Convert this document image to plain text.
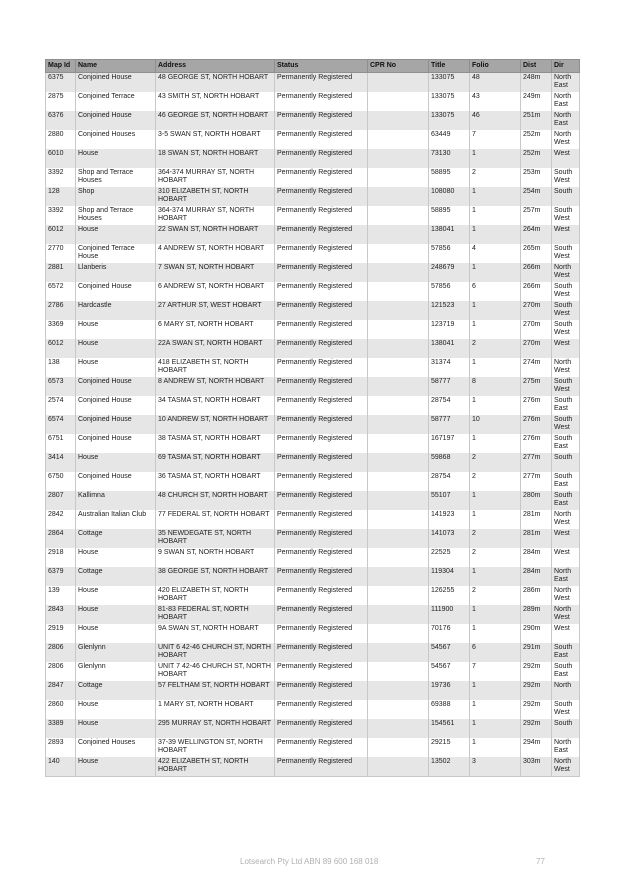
Map Id	Name	Address	Status	CPR No	Title	Folio	Dist	Dir
6375	Conjoined House	48 GEORGE ST, NORTH HOBART	Permanently Registered		133075	48	248m	North East
2875	Conjoined Terrace	43 SMITH ST, NORTH HOBART	Permanently Registered		133075	43	249m	North East
6376	Conjoined House	46 GEORGE ST, NORTH HOBART	Permanently Registered		133075	46	251m	North East
2880	Conjoined Houses	3-5 SWAN ST, NORTH HOBART	Permanently Registered		63449	7	252m	North West
6010	House	18 SWAN ST, NORTH HOBART	Permanently Registered		73130	1	252m	West
3392	Shop and Terrace Houses	364-374 MURRAY ST, NORTH HOBART	Permanently Registered		58895	2	253m	South West
128	Shop	310 ELIZABETH ST, NORTH HOBART	Permanently Registered		108080	1	254m	South
3392	Shop and Terrace Houses	364-374 MURRAY ST, NORTH HOBART	Permanently Registered		58895	1	257m	South West
6012	House	22 SWAN ST, NORTH HOBART	Permanently Registered		138041	1	264m	West
2770	Conjoined Terrace House	4 ANDREW ST, NORTH HOBART	Permanently Registered		57856	4	265m	South West
2881	Llanberis	7 SWAN ST, NORTH HOBART	Permanently Registered		248679	1	266m	North West
6572	Conjoined House	6 ANDREW ST, NORTH HOBART	Permanently Registered		57856	6	266m	South West
2786	Hardcastle	27 ARTHUR ST, WEST HOBART	Permanently Registered		121523	1	270m	South West
3369	House	6 MARY ST, NORTH HOBART	Permanently Registered		123719	1	270m	South West
6012	House	22A SWAN ST, NORTH HOBART	Permanently Registered		138041	2	270m	West
138	House	418 ELIZABETH ST, NORTH HOBART	Permanently Registered		31374	1	274m	North West
6573	Conjoined House	8 ANDREW ST, NORTH HOBART	Permanently Registered		58777	8	275m	South West
2574	Conjoined House	34 TASMA ST, NORTH HOBART	Permanently Registered		28754	1	276m	South East
6574	Conjoined House	10 ANDREW ST, NORTH HOBART	Permanently Registered		58777	10	276m	South West
6751	Conjoined House	38 TASMA ST, NORTH HOBART	Permanently Registered		167197	1	276m	South East
3414	House	69 TASMA ST, NORTH HOBART	Permanently Registered		59868	2	277m	South
6750	Conjoined House	36 TASMA ST, NORTH HOBART	Permanently Registered		28754	2	277m	South East
2807	Kallimna	48 CHURCH ST, NORTH HOBART	Permanently Registered		55107	1	280m	South East
2842	Australian Italian Club	77 FEDERAL ST, NORTH HOBART	Permanently Registered		141923	1	281m	North West
2864	Cottage	35 NEWDEGATE ST, NORTH HOBART	Permanently Registered		141073	2	281m	West
2918	House	9 SWAN ST, NORTH HOBART	Permanently Registered		22525	2	284m	West
6379	Cottage	38 GEORGE ST, NORTH HOBART	Permanently Registered		119304	1	284m	North East
139	House	420 ELIZABETH ST, NORTH HOBART	Permanently Registered		126255	2	286m	North West
2843	House	81-83 FEDERAL ST, NORTH HOBART	Permanently Registered		111900	1	289m	North West
2919	House	9A SWAN ST, NORTH HOBART	Permanently Registered		70176	1	290m	West
2806	Glenlynn	UNIT 6 42-46 CHURCH ST, NORTH HOBART	Permanently Registered		54567	6	291m	South East
2806	Glenlynn	UNIT 7 42-46 CHURCH ST, NORTH HOBART	Permanently Registered		54567	7	292m	South East
2847	Cottage	57 FELTHAM ST, NORTH HOBART	Permanently Registered		19736	1	292m	North
2860	House	1 MARY ST, NORTH HOBART	Permanently Registered		69388	1	292m	South West
3389	House	295 MURRAY ST, NORTH HOBART	Permanently Registered		154561	1	292m	South
2893	Conjoined Houses	37-39 WELLINGTON ST, NORTH HOBART	Permanently Registered		29215	1	294m	North East
140	House	422 ELIZABETH ST, NORTH HOBART	Permanently Registered		13502	3	303m	North West
Lotsearch Pty Ltd ABN 89 600 168 018	77
